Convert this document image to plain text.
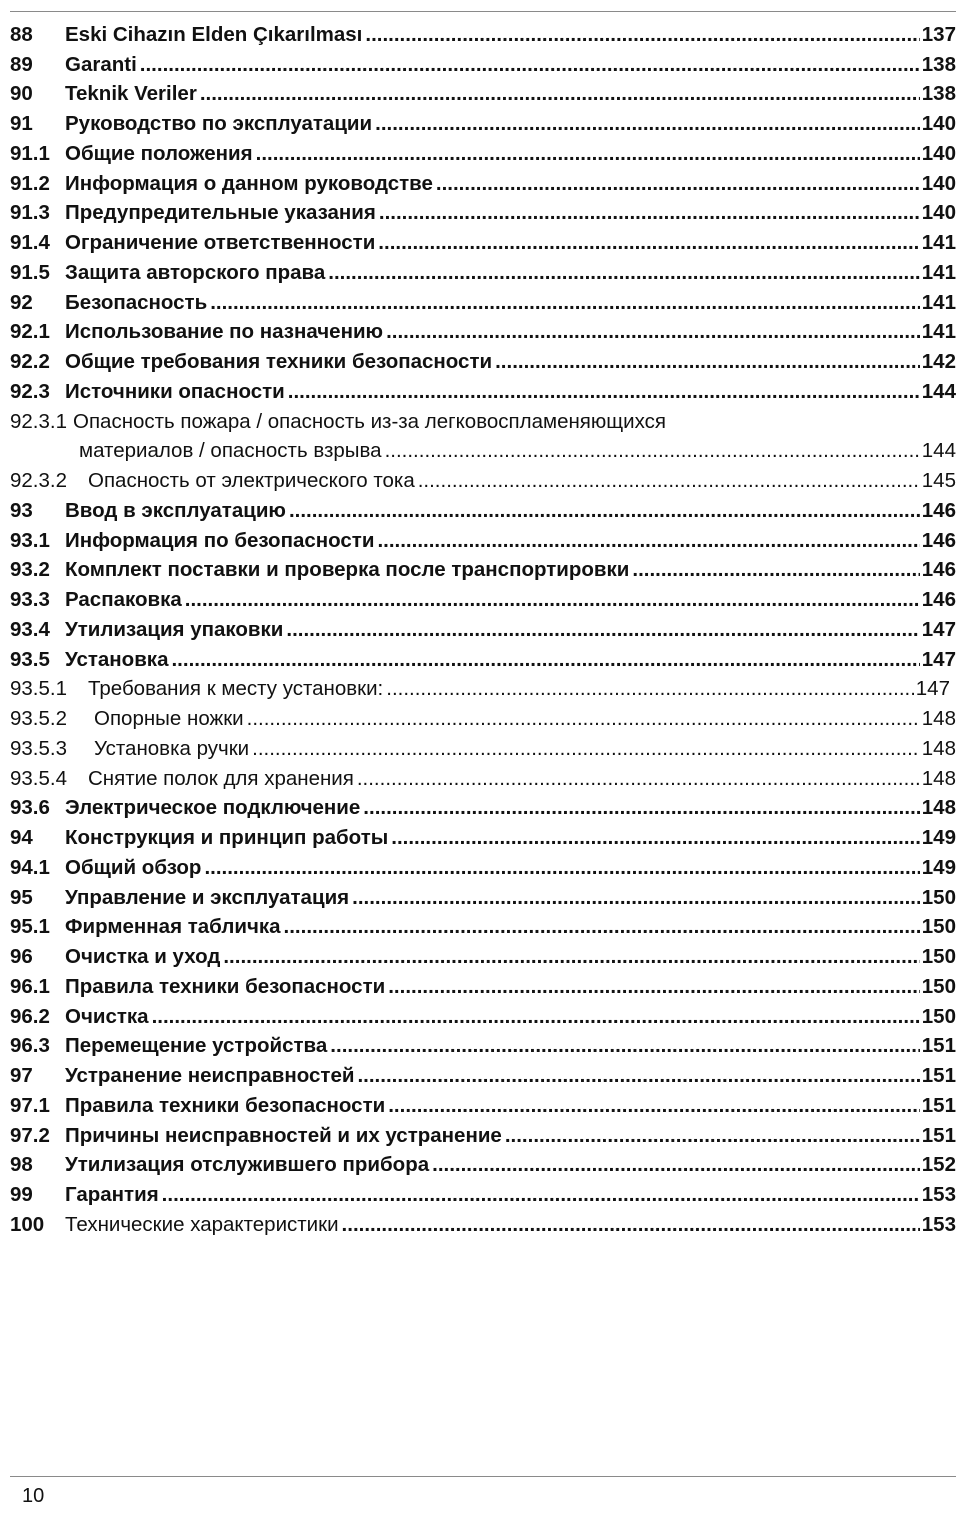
88	Eski Cihazın Elden Çıkarılması .....	137
89	Garanti .....	138
90	Teknik Veriler .....	138
91	Руководство по эксплуатации .....	140
91.1 Общие положения .....	140
91.2 Информация о данном руководстве .....	140
91.3 Предупредительные указания .....	140
91.4 Ограничение ответственности .....	141
91.5 Защита авторского права .....	141
92	Безопасность .....	141
92.1 Использование по назначению .....	141
92.2 Общие требования техники безопасности .....	142
92.3 Источники опасности .....	144
92.3.1 Опасность пожара / опасность из-за легковоспламеняющихся
материалов / опасность взрыва .....	144
92.3.2	Опасность от электрического тока .....	145
93	Ввод в эксплуатацию .....	146
93.1 Информация по безопасности .....	146
93.2 Комплект поставки и проверка после транспортировки .....	146
93.3 Распаковка .....	146
93.4 Утилизация упаковки .....	147
93.5 Установка .....	147
93.5.1	Требования к месту установки: .....	147
93.5.2	Опорные ножки .....	148
93.5.3	Установка ручки .....	148
93.5.4	Снятие полок для хранения .....	148
93.6 Электрическое подключение .....	148
94	Конструкция и принцип работы .....	149
94.1 Общий обзор .....	149
95	Управление и эксплуатация .....	150
95.1 Фирменная табличка .....	150
96	Очистка и уход .....	150
96.1 Правила техники безопасности .....	150
96.2 Очистка .....	150
96.3 Перемещение устройства .....	151
97	Устранение неисправностей .....	151
97.1 Правила техники безопасности .....	151
97.2 Причины неисправностей и их устранение .....	151
98	Утилизация отслужившего прибора .....	152
99	Гарантия .....	153
100	Технические характеристики .....	153
10
